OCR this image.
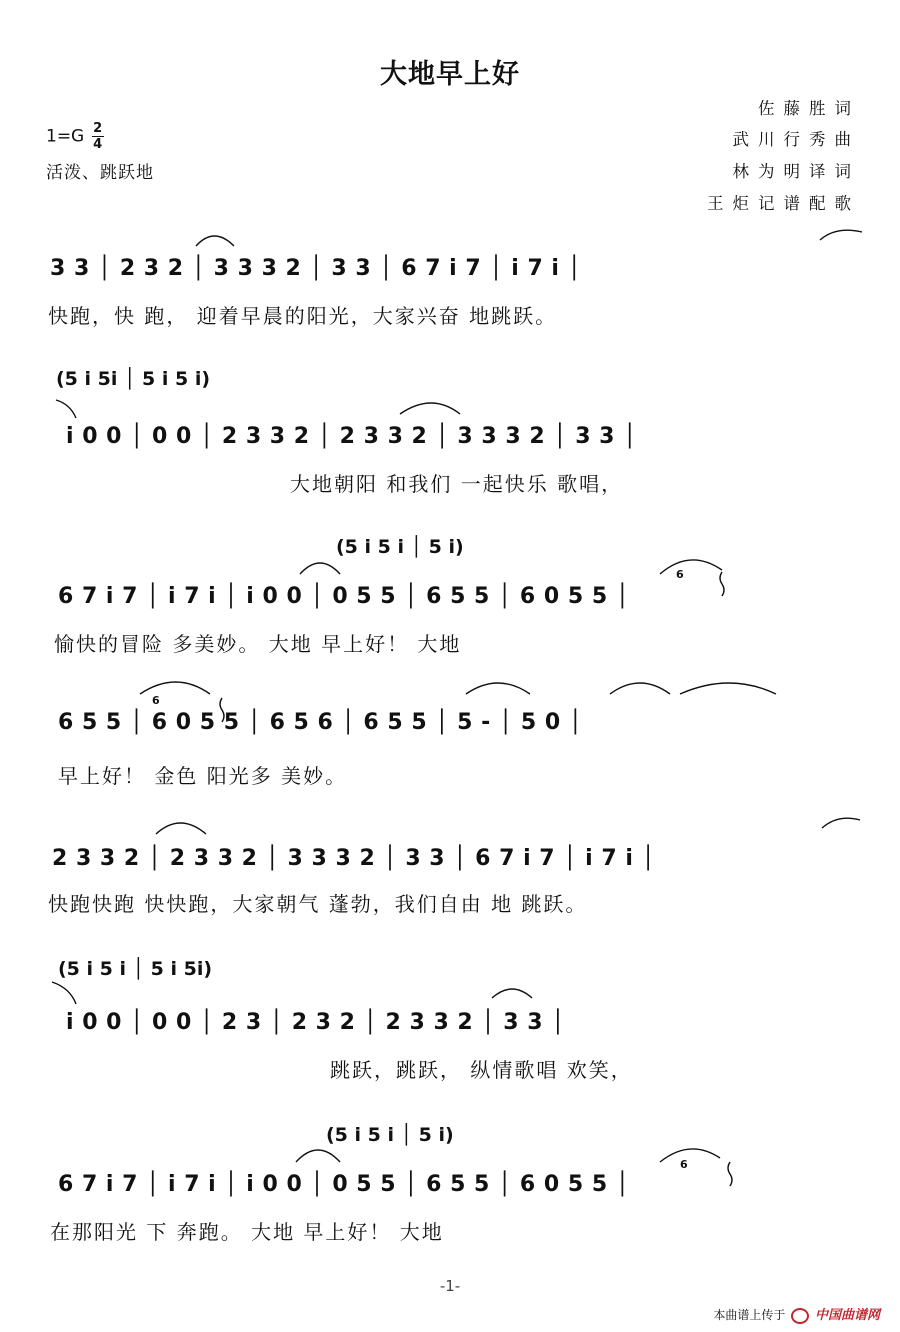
大地早上好
佐藤胜词
武川行秀曲
林为明译词
王炬记谱配歌
$1=G \frac{2}{4}$
活泼、跳跃地
3 3 │ 2 3 2 │ 3 3 3 2 │ 3 3 │ 6 7 i 7 │ i 7 i │
快跑，快 跑， 迎着早晨的阳光，大家兴奋 地跳跃。
(5 i 5i │ 5 i 5 i)
i 0 0 │ 0 0 │ 2 3 3 2 │ 2 3 3 2 │ 3 3 3 2 │ 3 3 │
大地朝阳 和我们 一起快乐 歌唱，
(5 i 5 i │ 5 i)
6 7 i 7 │ i 7 i │ i 0 0 │ 0 5 5 │ 6 5 5 │ 6 0 5 5 │
愉快的冒险 多美妙。 大地 早上好！ 大地
6 5 5 │ 6 0 5 5 │ 6 5 6 │ 6 5 5 │ 5 - │ 5 0 │
早上好！ 金色 阳光多 美妙。
2 3 3 2 │ 2 3 3 2 │ 3 3 3 2 │ 3 3 │ 6 7 i 7 │ i 7 i │
快跑快跑 快快跑，大家朝气 蓬勃，我们自由 地 跳跃。
(5 i 5 i │ 5 i 5i)
i 0 0 │ 0 0 │ 2 3 │ 2 3 2 │ 2 3 3 2 │ 3 3 │
跳跃，跳跃， 纵情歌唱 欢笑，
(5 i 5 i │ 5 i)
6 7 i 7 │ i 7 i │ i 0 0 │ 0 5 5 │ 6 5 5 │ 6 0 5 5 │
在那阳光 下 奔跑。 大地 早上好！ 大地
6
6
6
-1-
本曲谱上传于 中国曲谱网
